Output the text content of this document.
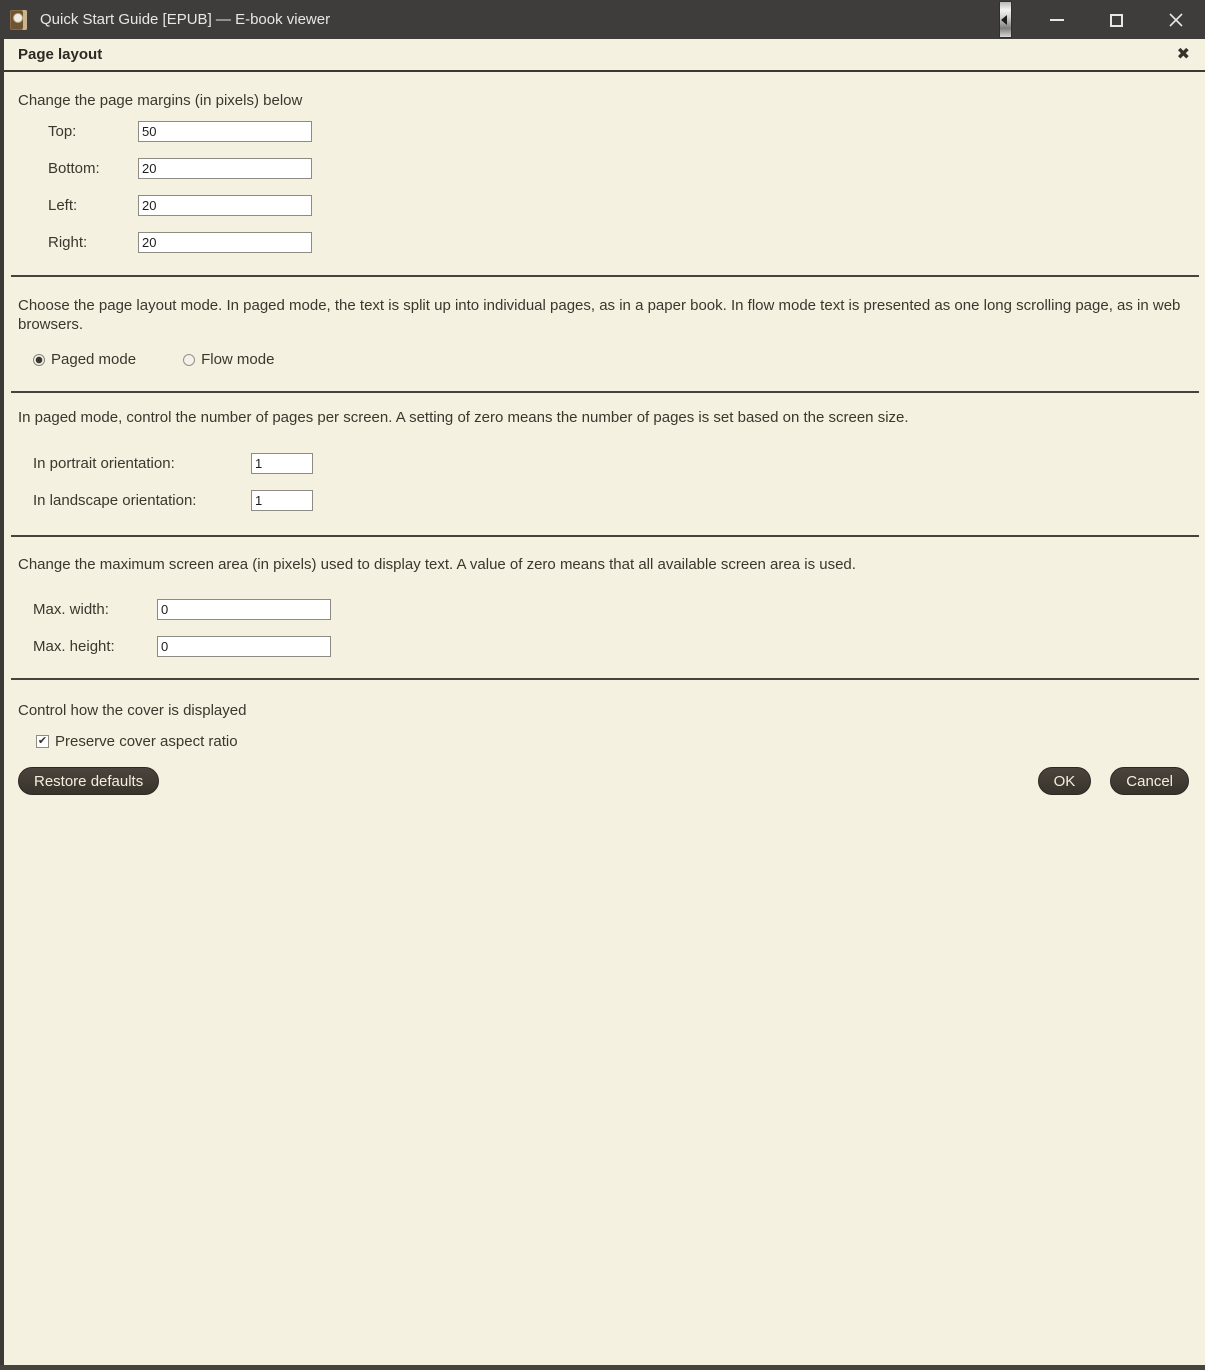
Quick Start Guide [EPUB] — E-book viewer
Page layout	✖
Change the page margins (in pixels) below
Top:
50
Bottom:
20
Left:
20
Right:
20

Choose the page layout mode. In paged mode, the text is split up into individual pages, as in a paper book. In flow mode text is presented as one long scrolling page, as in web browsers.

Paged mode	Flow mode

In paged mode, control the number of pages per screen. A setting of zero means the number of pages is set based on the screen size.

In portrait orientation:
1
In landscape orientation:
1

Change the maximum screen area (in pixels) used to display text. A value of zero means that all available screen area is used.

Max. width:
0
Max. height:
0
Control how the cover is displayed
✔ Preserve cover aspect ratio
Restore defaults	OK	Cancel
